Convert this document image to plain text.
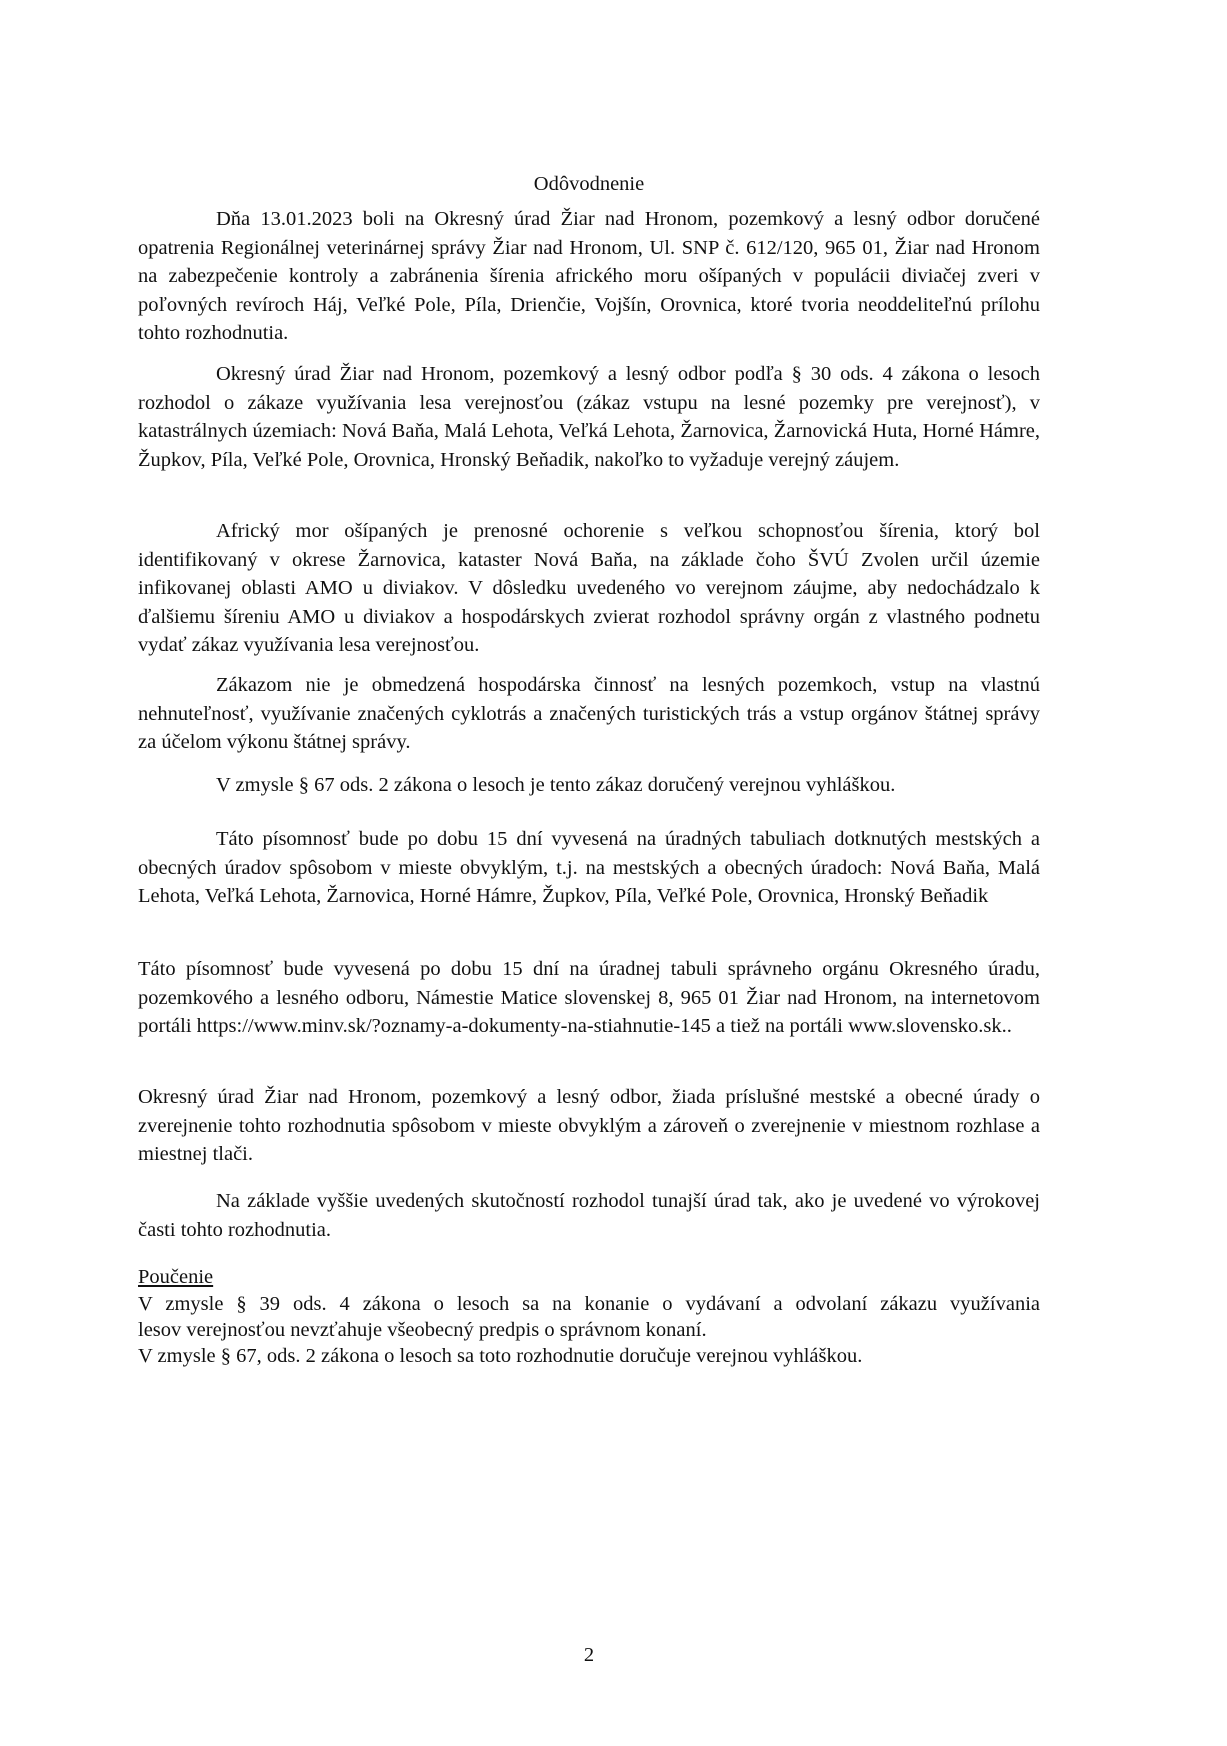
Odôvodnenie

Dňa 13.01.2023 boli na Okresný úrad Žiar nad Hronom, pozemkový a lesný odbor doručené opatrenia Regionálnej veterinárnej správy Žiar nad Hronom, Ul. SNP č. 612/120, 965 01, Žiar nad Hronom na zabezpečenie kontroly a zabránenia šírenia afrického moru ošípaných v populácii diviačej zveri v poľovných revíroch Háj, Veľké Pole, Píla, Drienčie, Vojšín, Orovnica, ktoré tvoria neoddeliteľnú prílohu tohto rozhodnutia.

Okresný úrad Žiar nad Hronom, pozemkový a lesný odbor podľa § 30 ods. 4 zákona o lesoch rozhodol o zákaze využívania lesa verejnosťou (zákaz vstupu na lesné pozemky pre verejnosť), v katastrálnych územiach: Nová Baňa, Malá Lehota, Veľká Lehota, Žarnovica, Žarnovická Huta, Horné Hámre, Župkov, Píla, Veľké Pole, Orovnica, Hronský Beňadik, nakoľko to vyžaduje verejný záujem.

Africký mor ošípaných je prenosné ochorenie s veľkou schopnosťou šírenia, ktorý bol identifikovaný v okrese Žarnovica, kataster Nová Baňa, na základe čoho ŠVÚ Zvolen určil územie infikovanej oblasti AMO u diviakov. V dôsledku uvedeného vo verejnom záujme, aby nedochádzalo k ďalšiemu šíreniu AMO u diviakov a hospodárskych zvierat rozhodol správny orgán z vlastného podnetu vydať zákaz využívania lesa verejnosťou.

Zákazom nie je obmedzená hospodárska činnosť na lesných pozemkoch, vstup na vlastnú nehnuteľnosť, využívanie značených cyklotrás a značených turistických trás a vstup orgánov štátnej správy za účelom výkonu štátnej správy.

V zmysle § 67 ods. 2 zákona o lesoch je tento zákaz doručený verejnou vyhláškou.

Táto písomnosť bude po dobu 15 dní vyvesená na úradných tabuliach dotknutých mestských a obecných úradov spôsobom v mieste obvyklým, t.j. na mestských a obecných úradoch: Nová Baňa, Malá Lehota, Veľká Lehota, Žarnovica, Horné Hámre, Župkov, Píla, Veľké Pole, Orovnica, Hronský Beňadik

Táto písomnosť bude vyvesená po dobu 15 dní na úradnej tabuli správneho orgánu Okresného úradu, pozemkového a lesného odboru, Námestie Matice slovenskej 8, 965 01 Žiar nad Hronom, na internetovom portáli https://www.minv.sk/?oznamy-a-dokumenty-na-stiahnutie-145 a tiež na portáli www.slovensko.sk..

Okresný úrad Žiar nad Hronom, pozemkový a lesný odbor, žiada príslušné mestské a obecné úrady o zverejnenie tohto rozhodnutia spôsobom v mieste obvyklým a zároveň o zverejnenie v miestnom rozhlase a miestnej tlači.

Na základe vyššie uvedených skutočností rozhodol tunajší úrad tak, ako je uvedené vo výrokovej časti tohto rozhodnutia.

Poučenie
V zmysle § 39 ods. 4 zákona o lesoch sa na konanie o vydávaní a odvolaní zákazu využívania
lesov verejnosťou nevzťahuje všeobecný predpis o správnom konaní.
V zmysle § 67, ods. 2 zákona o lesoch sa toto rozhodnutie doručuje verejnou vyhláškou.
2
